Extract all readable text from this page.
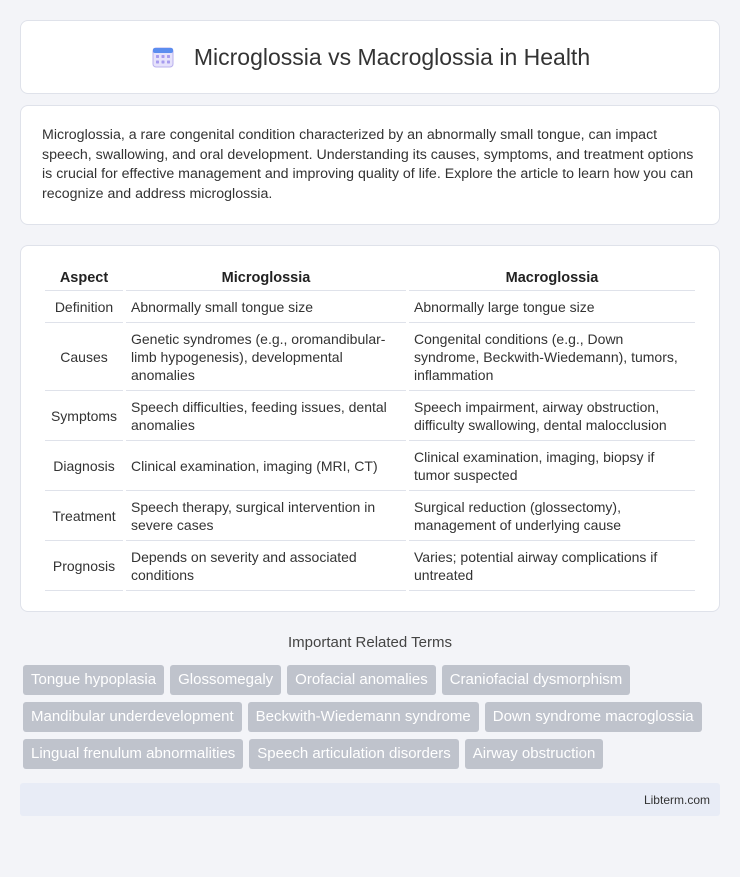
Microglossia vs Macroglossia in Health

Microglossia, a rare congenital condition characterized by an abnormally small tongue, can impact speech, swallowing, and oral development. Understanding its causes, symptoms, and treatment options is crucial for effective management and improving quality of life. Explore the article to learn how you can recognize and address microglossia.

Aspect	Microglossia	Macroglossia
Definition	Abnormally small tongue size	Abnormally large tongue size
Causes	Genetic syndromes (e.g., oromandibular-limb hypogenesis), developmental anomalies	Congenital conditions (e.g., Down syndrome, Beckwith-Wiedemann), tumors, inflammation
Symptoms	Speech difficulties, feeding issues, dental anomalies	Speech impairment, airway obstruction, difficulty swallowing, dental malocclusion
Diagnosis	Clinical examination, imaging (MRI, CT)	Clinical examination, imaging, biopsy if tumor suspected
Treatment	Speech therapy, surgical intervention in severe cases	Surgical reduction (glossectomy), management of underlying cause
Prognosis	Depends on severity and associated conditions	Varies; potential airway complications if untreated
Important Related Terms
Tongue hypoplasia	Glossomegaly	Orofacial anomalies	Craniofacial dysmorphism
Mandibular underdevelopment	Beckwith-Wiedemann syndrome	Down syndrome macroglossia
Lingual frenulum abnormalities	Speech articulation disorders	Airway obstruction
Libterm.com
